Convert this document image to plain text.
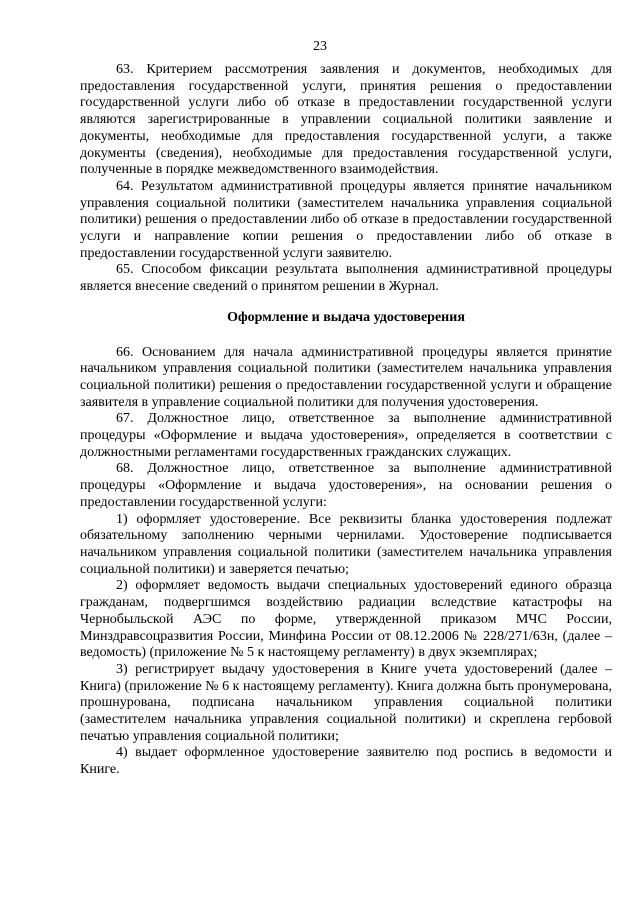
23

63. Критерием рассмотрения заявления и документов, необходимых для предоставления государственной услуги, принятия решения о предоставлении государственной услуги либо об отказе в предоставлении государственной услуги являются зарегистрированные в управлении социальной политики заявление и документы, необходимые для предоставления государственной услуги, а также документы (сведения), необходимые для предоставления государственной услуги, полученные в порядке межведомственного взаимодействия.

64. Результатом административной процедуры является принятие начальником управления социальной политики (заместителем начальника управления социальной политики) решения о предоставлении либо об отказе в предоставлении государственной услуги и направление копии решения о предоставлении либо об отказе в предоставлении государственной услуги заявителю.

65. Способом фиксации результата выполнения административной процедуры является внесение сведений о принятом решении в Журнал.

Оформление и выдача удостоверения

66. Основанием для начала административной процедуры является принятие начальником управления социальной политики (заместителем начальника управления социальной политики) решения о предоставлении государственной услуги и обращение заявителя в управление социальной политики для получения удостоверения.

67. Должностное лицо, ответственное за выполнение административной процедуры «Оформление и выдача удостоверения», определяется в соответствии с должностными регламентами государственных гражданских служащих.

68. Должностное лицо, ответственное за выполнение административной процедуры «Оформление и выдача удостоверения», на основании решения о предоставлении государственной услуги:

1) оформляет удостоверение. Все реквизиты бланка удостоверения подлежат обязательному заполнению черными чернилами. Удостоверение подписывается начальником управления социальной политики (заместителем начальника управления социальной политики) и заверяется печатью;

2) оформляет ведомость выдачи специальных удостоверений единого образца гражданам, подвергшимся воздействию радиации вследствие катастрофы на Чернобыльской АЭС по форме, утвержденной приказом МЧС России, Минздравсоцразвития России, Минфина России от 08.12.2006 № 228/271/63н, (далее – ведомость) (приложение № 5 к настоящему регламенту) в двух экземплярах;

3) регистрирует выдачу удостоверения в Книге учета удостоверений (далее – Книга) (приложение № 6 к настоящему регламенту). Книга должна быть пронумерована, прошнурована, подписана начальником управления социальной политики (заместителем начальника управления социальной политики) и скреплена гербовой печатью управления социальной политики;

4) выдает оформленное удостоверение заявителю под роспись в ведомости и Книге.
